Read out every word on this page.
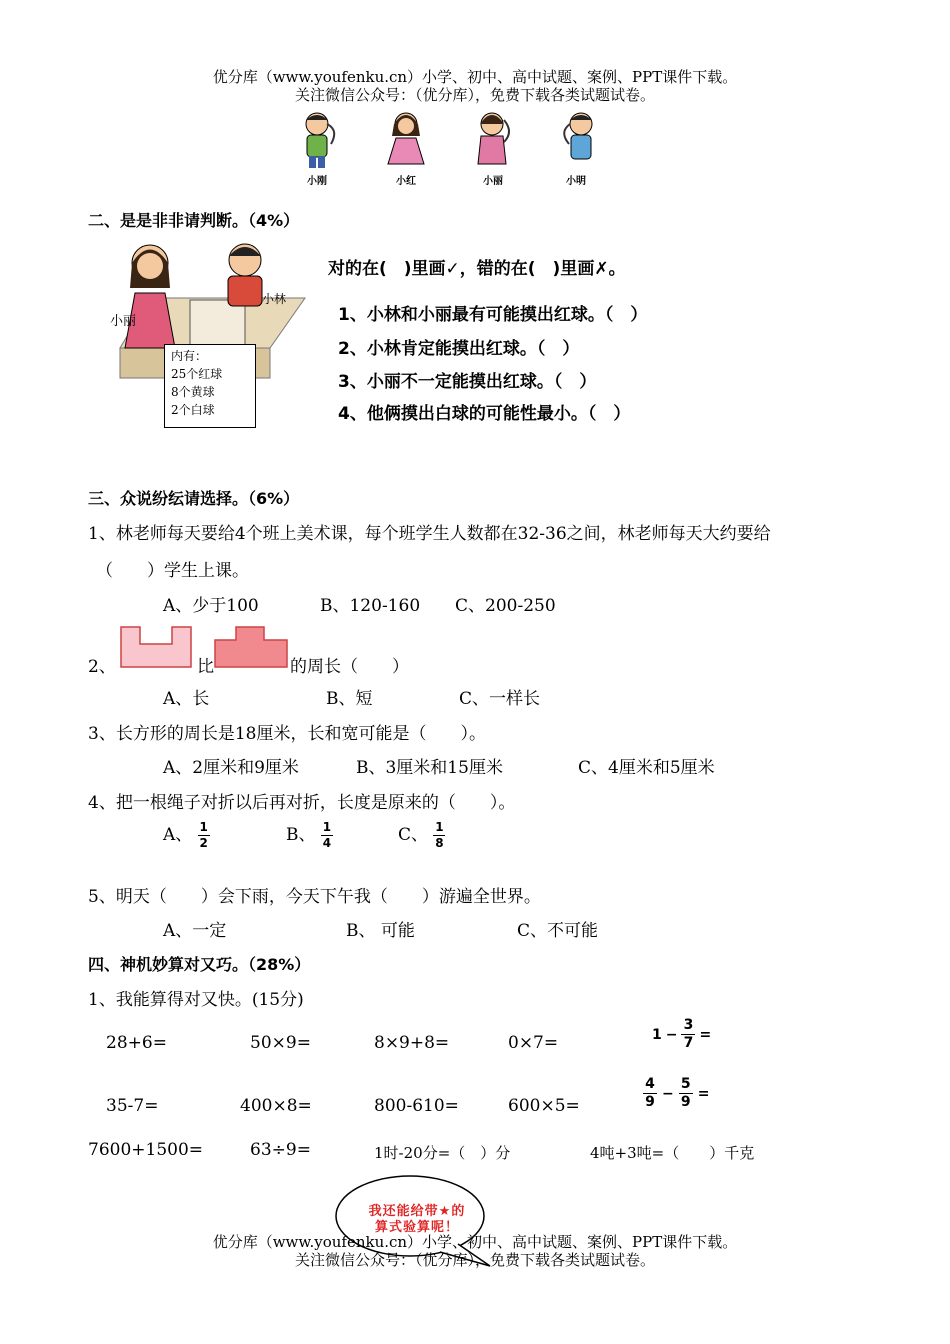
优分库（www.youfenku.cn）小学、初中、高中试题、案例、PPT课件下载。
关注微信公众号：（优分库），免费下载各类试题试卷。
小刚	小红	小丽	小明
二、是是非非请判断。（4%）
小丽
小林
内有：
25个红球
8个黄球
2个白球
对的在(　)里画✓，错的在(　)里画✗。
1、小林和小丽最有可能摸出红球。（　）
2、小林肯定能摸出红球。（　）
3、小丽不一定能摸出红球。（　）
4、他俩摸出白球的可能性最小。（　）
三、众说纷纭请选择。（6%）
1、林老师每天要给4个班上美术课，每个班学生人数都在32-36之间，林老师每天大约要给
（　　）学生上课。
A、少于100	B、120-160 C、200-250
2、	比	的周长（　　）
A、长	B、短	C、一样长
3、长方形的周长是18厘米，长和宽可能是（　　）。
A、2厘米和9厘米	B、3厘米和15厘米	C、4厘米和5厘米
4、把一根绳子对折以后再对折，长度是原来的（　　）。
A、 $\frac{1}{2}$	B、 $\frac{1}{4}$	C、 $\frac{1}{8}$
5、明天（　　）会下雨，今天下午我（　　）游遍全世界。
A、一定	B、 可能	C、不可能
四、神机妙算对又巧。（28%）
1、我能算得对又快。(15分)
28+6=	50×9=	8×9+8=	0×7=	$1 - \frac{3}{7}$ =
35-7=	400×8=	800-610=	600×5=	$\frac{4}{9} - \frac{5}{9}$ =
7600+1500=	63÷9=	1时-20分=（　）分	4吨+3吨=（　　）千克
我还能给带★的算式验算呢！
优分库（www.youfenku.cn）小学、初中、高中试题、案例、PPT课件下载。
关注微信公众号：（优分库），免费下载各类试题试卷。
